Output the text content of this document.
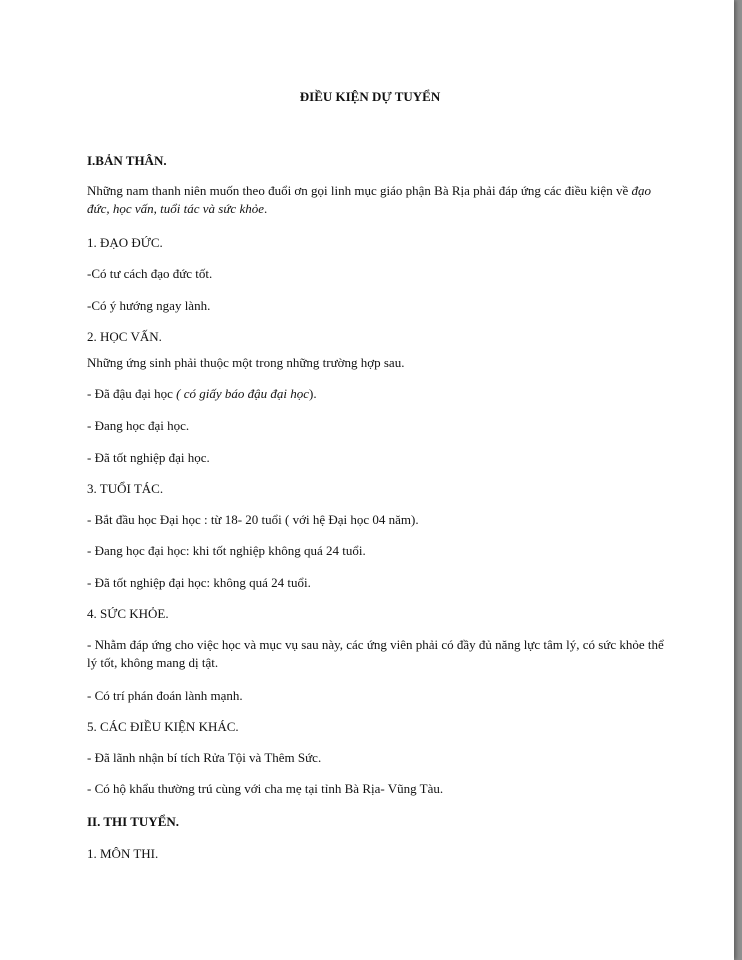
ĐIỀU KIỆN DỰ TUYỂN
I.BẢN THÂN.
Những nam thanh niên muốn theo đuổi ơn gọi linh mục giáo phận Bà Rịa phải đáp ứng các điều kiện về đạo đức, học vấn, tuổi tác và sức khỏe.
1. ĐẠO ĐỨC.
-Có tư cách đạo đức tốt.
-Có ý hướng ngay lành.
2. HỌC VẤN.
Những ứng sinh phải thuộc một trong những trường hợp sau.
- Đã đậu đại học ( có giấy báo đậu đại học).
- Đang học đại học.
- Đã tốt nghiệp đại học.
3. TUỔI TÁC.
- Bắt đầu học Đại học : từ 18- 20 tuổi ( với hệ Đại học 04 năm).
- Đang học đại học: khi tốt nghiệp không quá 24 tuổi.
- Đã tốt nghiệp đại học: không quá 24 tuổi.
4. SỨC KHỎE.
- Nhằm đáp ứng cho việc học và mục vụ sau này, các ứng viên phải có đầy đủ năng lực tâm lý, có sức khỏe thể lý tốt, không mang dị tật.
- Có trí phán đoán lành mạnh.
5. CÁC ĐIỀU KIỆN KHÁC.
- Đã lãnh nhận bí tích Rửa Tội và Thêm Sức.
- Có hộ khẩu thường trú cùng với cha mẹ tại tỉnh Bà Rịa- Vũng Tàu.
II. THI TUYỂN.
1. MÔN THI.
